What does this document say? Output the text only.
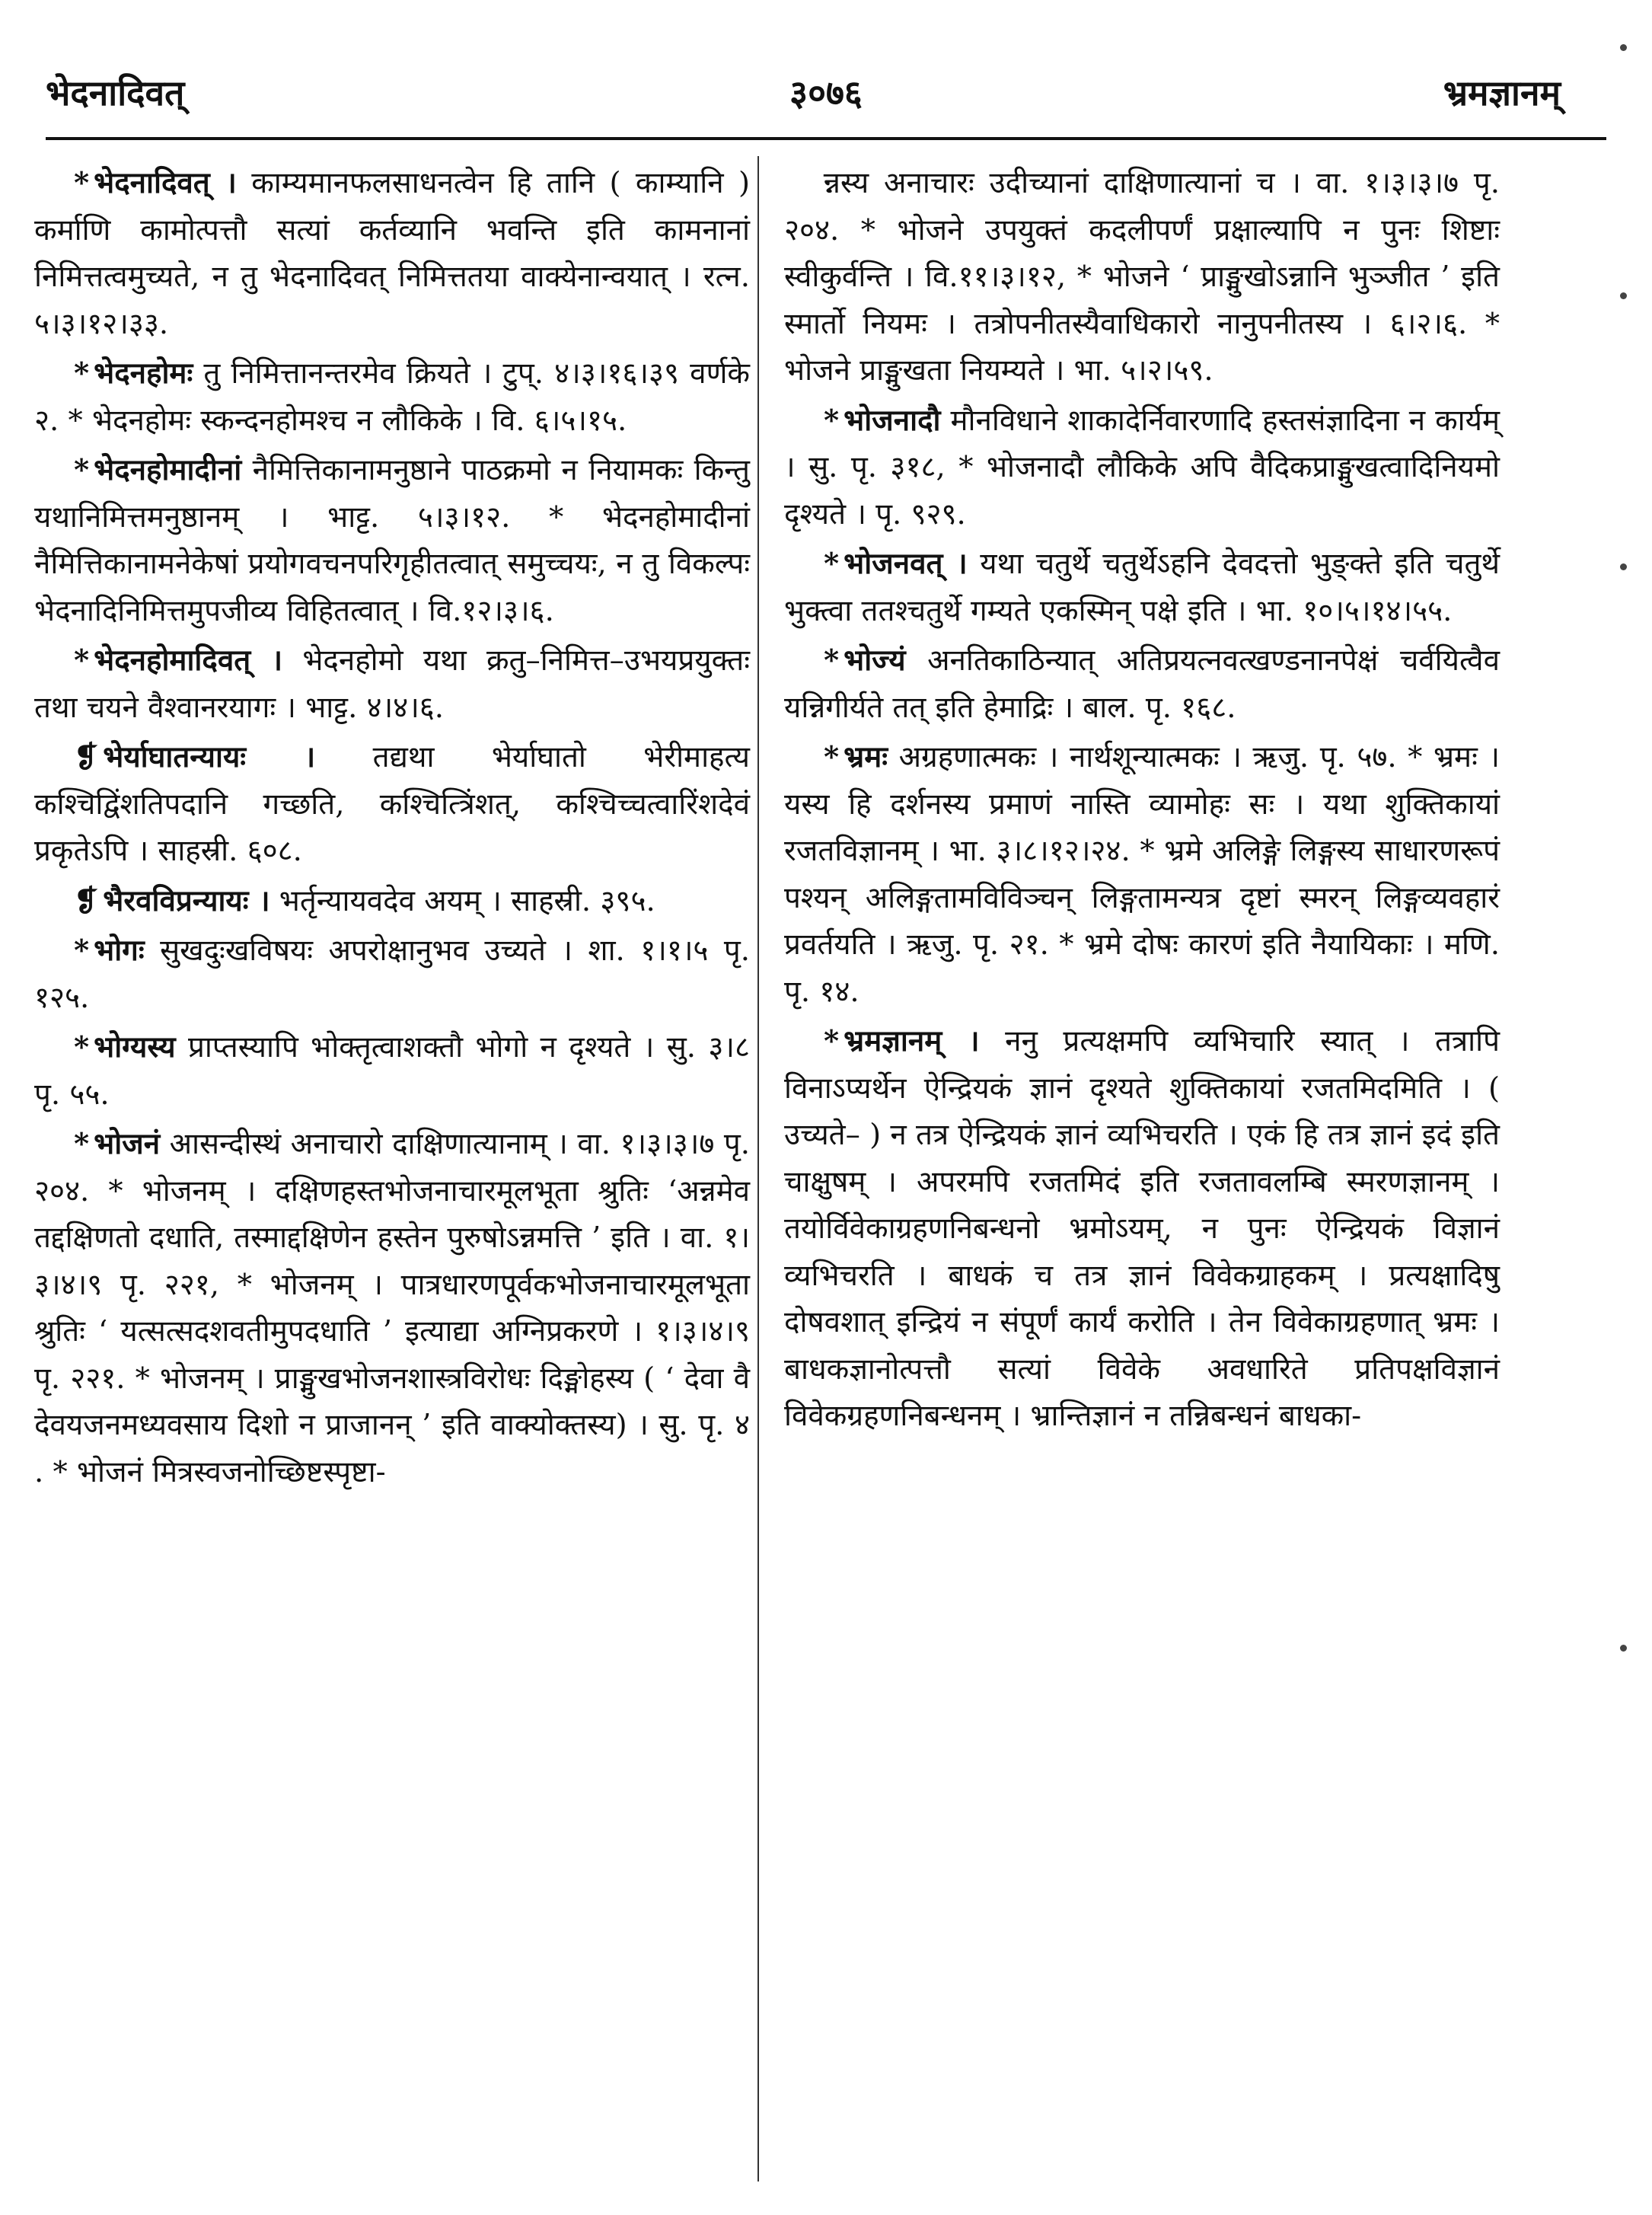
भेदनादिवत्	३०७६	भ्रमज्ञानम्

* भेदनादिवत् । काम्यमानफलसाधनत्वेन हि तानि ( काम्यानि ) कर्माणि कामोत्पत्तौ सत्यां कर्तव्यानि भवन्ति इति कामनानां निमित्तत्वमुच्यते, न तु भेदनादिवत् निमित्ततया वाक्येनान्वयात् । रत्न. ५।३।१२।३३.

* भेदनहोमः तु निमित्तानन्तरमेव क्रियते । टुप्. ४।३।१६।३९ वर्णके २. * भेदनहोमः स्कन्दनहोमश्च न लौकिके । वि. ६।५।१५.

* भेदनहोमादीनां नैमित्तिकानामनुष्ठाने पाठक्रमो न नियामकः किन्तु यथानिमित्तमनुष्ठानम् । भाट्ट. ५।३।१२. * भेदनहोमादीनां नैमित्तिकानामनेकेषां प्रयोगवचनपरिगृहीतत्वात् समुच्चयः, न तु विकल्पः भेदनादिनिमित्तमुपजीव्य विहितत्वात् । वि.१२।३।६.

* भेदनहोमादिवत् । भेदनहोमो यथा क्रतु–निमित्त–उभयप्रयुक्तः तथा चयने वैश्वानरयागः । भाट्ट. ४।४।६.

❡ भेर्याघातन्यायः । तद्यथा भेर्याघातो भेरीमाहत्य कश्चिद्विंशतिपदानि गच्छति, कश्चित्त्रिंशत्, कश्चिच्चत्वारिंशदेवं प्रकृतेऽपि । साहस्री. ६०८.

❡ भैरवविप्रन्यायः । भर्तृन्यायवदेव अयम् । साहस्री. ३९५.

* भोगः सुखदुःखविषयः अपरोक्षानुभव उच्यते । शा. १।१।५ पृ. १२५.

* भोग्यस्य प्राप्तस्यापि भोक्तृत्वाशक्तौ भोगो न दृश्यते । सु. ३।८ पृ. ५५.

* भोजनं आसन्दीस्थं अनाचारो दाक्षिणात्यानाम् । वा. १।३।३।७ पृ. २०४. * भोजनम् । दक्षिणहस्तभोजनाचारमूलभूता श्रुतिः ‘अन्नमेव तद्दक्षिणतो दधाति, तस्माद्दक्षिणेन हस्तेन पुरुषोऽन्नमत्ति ’ इति । वा. १।३।४।९ पृ. २२१, * भोजनम् । पात्रधारणपूर्वकभोजनाचारमूलभूता श्रुतिः ‘ यत्सत्सदशवतीमुपदधाति ’ इत्याद्या अग्निप्रकरणे । १।३।४।९ पृ. २२१. * भोजनम् । प्राङ्मुखभोजनशास्त्रविरोधः दिङ्मोहस्य ( ‘ देवा वै देवयजनमध्यवसाय दिशो न प्राजानन् ’ इति वाक्योक्तस्य) । सु. पृ. ४ . * भोजनं मित्रस्वजनोच्छिष्टस्पृष्टा-

न्नस्य अनाचारः उदीच्यानां दाक्षिणात्यानां च । वा. १।३।३।७ पृ. २०४. * भोजने उपयुक्तं कदलीपर्णं प्रक्षाल्यापि न पुनः शिष्टाः स्वीकुर्वन्ति । वि.११।३।१२, * भोजने ‘ प्राङ्मुखोऽन्नानि भुञ्जीत ’ इति स्मार्तो नियमः । तत्रोपनीतस्यैवाधिकारो नानुपनीतस्य । ६।२।६. * भोजने प्राङ्मुखता नियम्यते । भा. ५।२।५९.

* भोजनादौ मौनविधाने शाकादेर्निवारणादि हस्तसंज्ञादिना न कार्यम् । सु. पृ. ३१८, * भोजनादौ लौकिके अपि वैदिकप्राङ्मुखत्वादिनियमो दृश्यते । पृ. ९२९.

* भोजनवत् । यथा चतुर्थे चतुर्थेऽहनि देवदत्तो भुङ्क्ते इति चतुर्थे भुक्त्वा ततश्चतुर्थे गम्यते एकस्मिन् पक्षे इति । भा. १०।५।१४।५५.

* भोज्यं अनतिकाठिन्यात् अतिप्रयत्नवत्खण्डनानपेक्षं चर्वयित्वैव यन्निगीर्यते तत् इति हेमाद्रिः । बाल. पृ. १६८.

* भ्रमः अग्रहणात्मकः । नार्थशून्यात्मकः । ऋजु. पृ. ५७. * भ्रमः । यस्य हि दर्शनस्य प्रमाणं नास्ति व्यामोहः सः । यथा शुक्तिकायां रजतविज्ञानम् । भा. ३।८।१२।२४. * भ्रमे अलिङ्गे लिङ्गस्य साधारणरूपं पश्यन् अलिङ्गतामविविञ्चन् लिङ्गतामन्यत्र दृष्टां स्मरन् लिङ्गव्यवहारं प्रवर्तयति । ऋजु. पृ. २१. * भ्रमे दोषः कारणं इति नैयायिकाः । मणि. पृ. १४.

* भ्रमज्ञानम् । ननु प्रत्यक्षमपि व्यभिचारि स्यात् । तत्रापि विनाऽप्यर्थेन ऐन्द्रियकं ज्ञानं दृश्यते शुक्तिकायां रजतमिदमिति । ( उच्यते– ) न तत्र ऐन्द्रियकं ज्ञानं व्यभिचरति । एकं हि तत्र ज्ञानं इदं इति चाक्षुषम् । अपरमपि रजतमिदं इति रजतावलम्बि स्मरणज्ञानम् । तयोर्विवेकाग्रहणनिबन्धनो भ्रमोऽयम्, न पुनः ऐन्द्रियकं विज्ञानं व्यभिचरति । बाधकं च तत्र ज्ञानं विवेकग्राहकम् । प्रत्यक्षादिषु दोषवशात् इन्द्रियं न संपूर्णं कार्यं करोति । तेन विवेकाग्रहणात् भ्रमः । बाधकज्ञानोत्पत्तौ सत्यां विवेके अवधारिते प्रतिपक्षविज्ञानं विवेकग्रहणनिबन्धनम् । भ्रान्तिज्ञानं न तन्निबन्धनं बाधका-
